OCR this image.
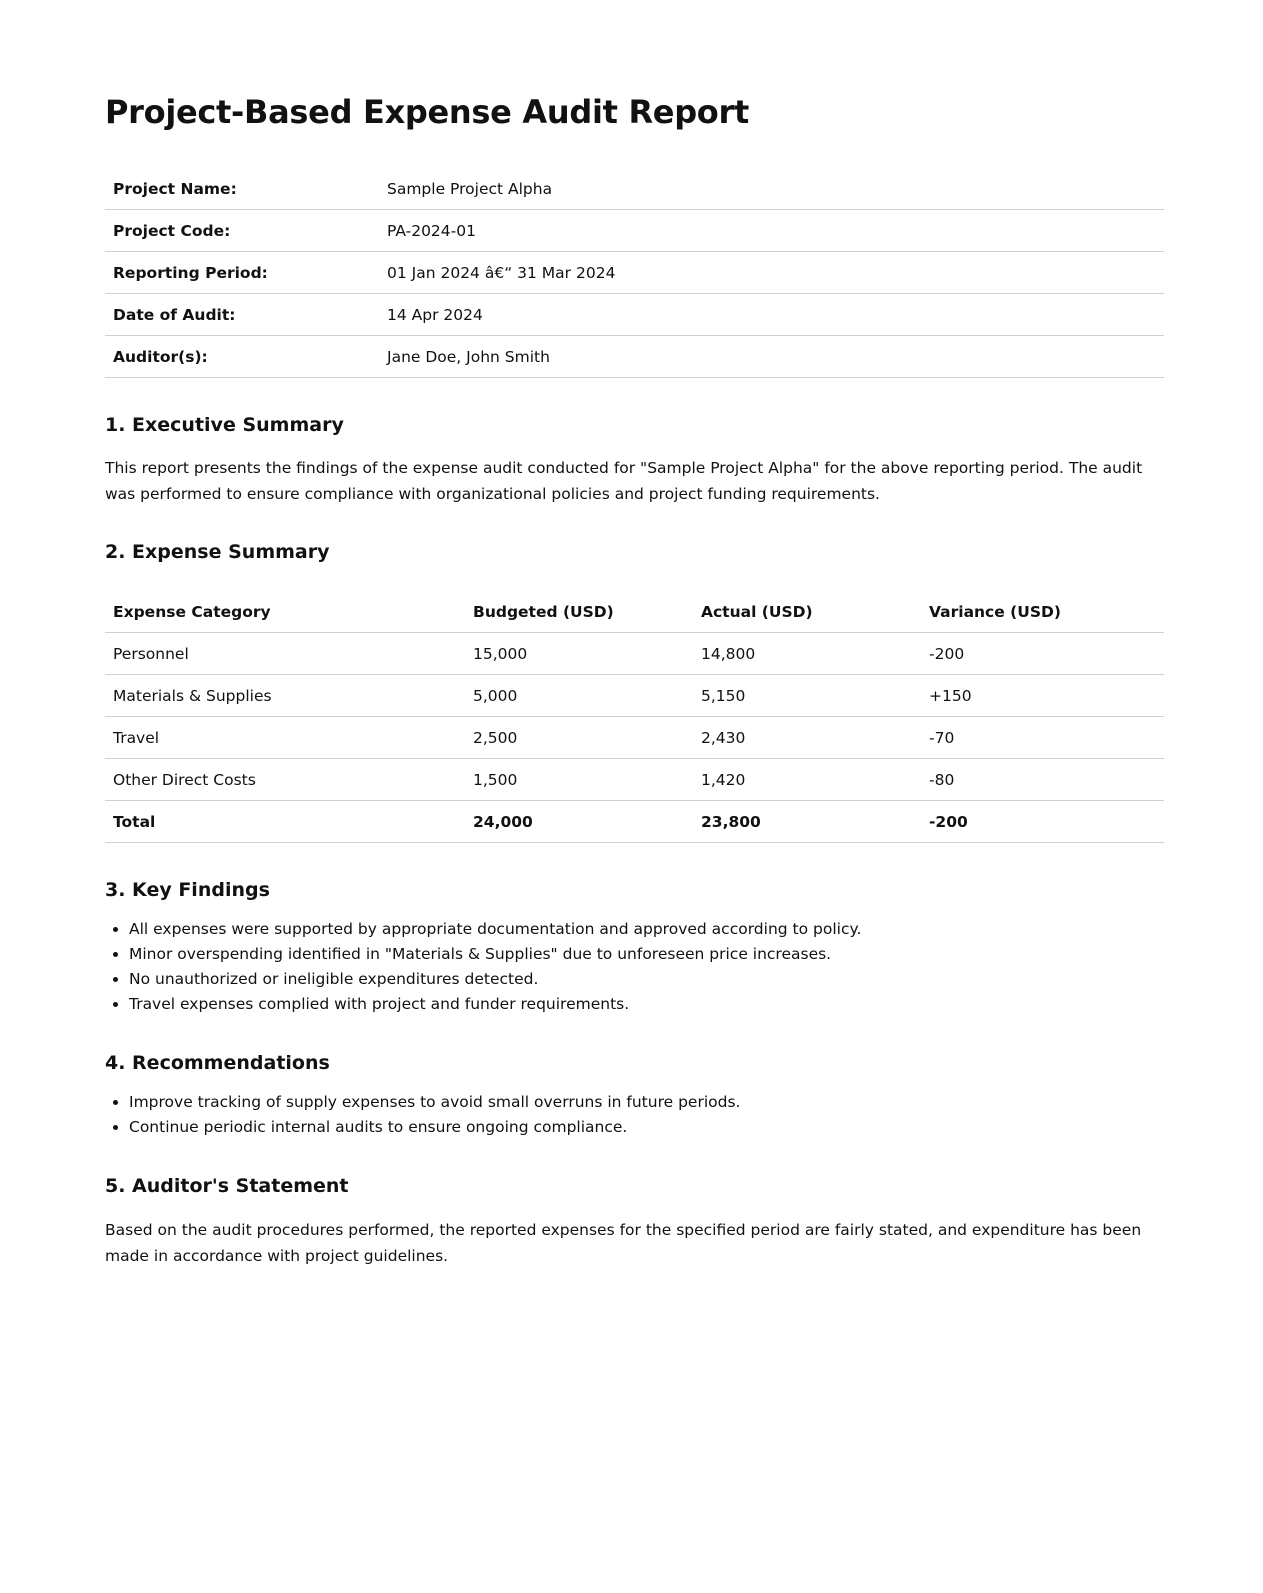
Project-Based Expense Audit Report
Project Name:	Sample Project Alpha
Project Code:	PA-2024-01
Reporting Period:	01 Jan 2024 â€“ 31 Mar 2024
Date of Audit:	14 Apr 2024
Auditor(s):	Jane Doe, John Smith
1. Executive Summary

This report presents the findings of the expense audit conducted for "Sample Project Alpha" for the above reporting period. The audit was performed to ensure compliance with organizational policies and project funding requirements.

2. Expense Summary
Expense Category	Budgeted (USD)	Actual (USD)	Variance (USD)
Personnel	15,000	14,800	-200
Materials & Supplies	5,000	5,150	+150
Travel	2,500	2,430	-70
Other Direct Costs	1,500	1,420	-80
Total	24,000	23,800	-200
3. Key Findings
• All expenses were supported by appropriate documentation and approved according to policy.
• Minor overspending identified in "Materials & Supplies" due to unforeseen price increases.
• No unauthorized or ineligible expenditures detected.
• Travel expenses complied with project and funder requirements.
4. Recommendations
• Improve tracking of supply expenses to avoid small overruns in future periods.
• Continue periodic internal audits to ensure ongoing compliance.
5. Auditor's Statement

Based on the audit procedures performed, the reported expenses for the specified period are fairly stated, and expenditure has been made in accordance with project guidelines.
